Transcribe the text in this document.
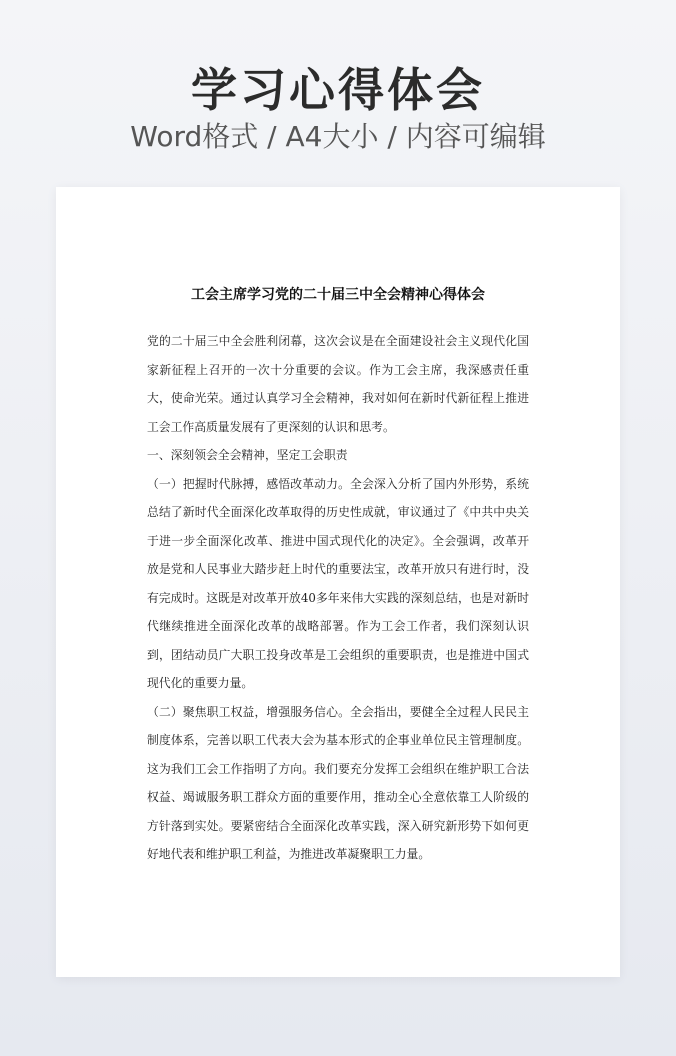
学习心得体会
Word格式 / A4大小 / 内容可编辑
工会主席学习党的二十届三中全会精神心得体会

党的二十届三中全会胜利闭幕，这次会议是在全面建设社会主义现代化国家新征程上召开的一次十分重要的会议。作为工会主席，我深感责任重大，使命光荣。通过认真学习全会精神，我对如何在新时代新征程上推进工会工作高质量发展有了更深刻的认识和思考。

一、深刻领会全会精神，坚定工会职责

（一）把握时代脉搏，感悟改革动力。全会深入分析了国内外形势，系统总结了新时代全面深化改革取得的历史性成就，审议通过了《中共中央关于进一步全面深化改革、推进中国式现代化的决定》。全会强调，改革开放是党和人民事业大踏步赶上时代的重要法宝，改革开放只有进行时，没有完成时。这既是对改革开放40多年来伟大实践的深刻总结，也是对新时代继续推进全面深化改革的战略部署。作为工会工作者，我们深刻认识到，团结动员广大职工投身改革是工会组织的重要职责，也是推进中国式现代化的重要力量。

（二）聚焦职工权益，增强服务信心。全会指出，要健全全过程人民民主制度体系，完善以职工代表大会为基本形式的企事业单位民主管理制度。这为我们工会工作指明了方向。我们要充分发挥工会组织在维护职工合法权益、竭诚服务职工群众方面的重要作用，推动全心全意依靠工人阶级的方针落到实处。要紧密结合全面深化改革实践，深入研究新形势下如何更好地代表和维护职工利益，为推进改革凝聚职工力量。
